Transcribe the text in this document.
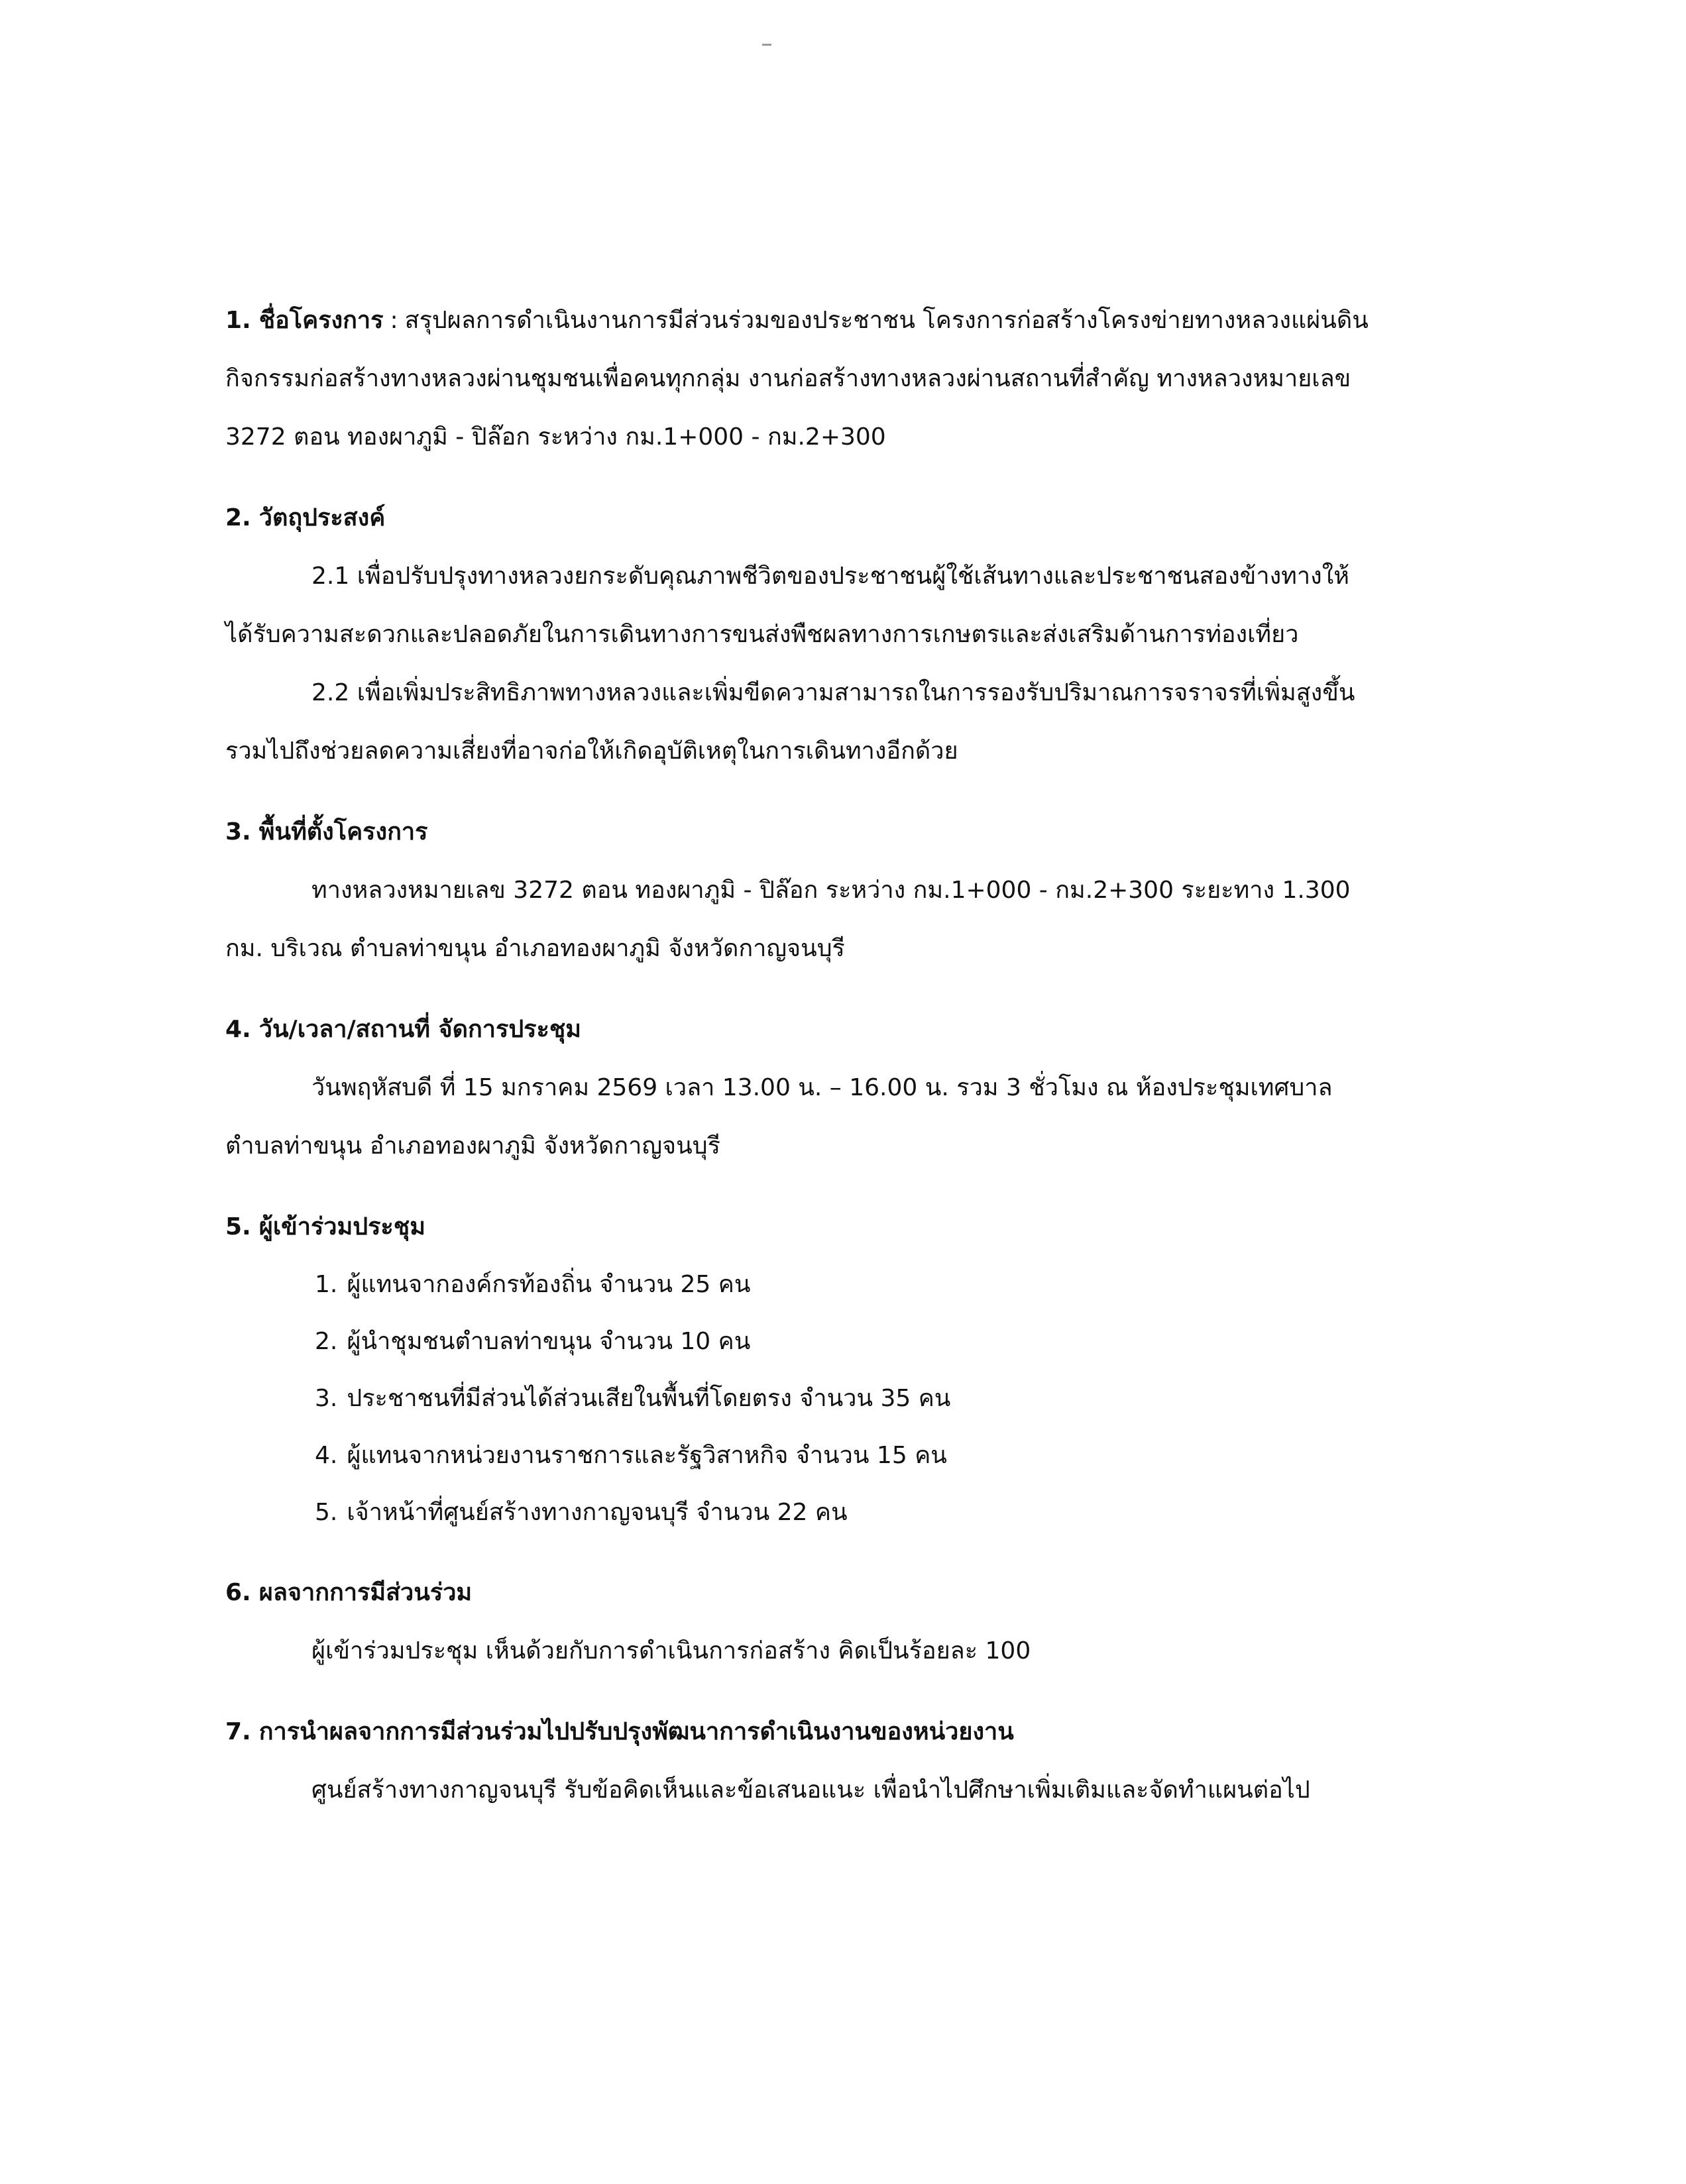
1. ชื่อโครงการ : สรุปผลการดำเนินงานการมีส่วนร่วมของประชาชน โครงการก่อสร้างโครงข่ายทางหลวงแผ่นดิน
กิจกรรมก่อสร้างทางหลวงผ่านชุมชนเพื่อคนทุกกลุ่ม งานก่อสร้างทางหลวงผ่านสถานที่สำคัญ ทางหลวงหมายเลข
3272 ตอน ทองผาภูมิ - ปิล๊อก ระหว่าง กม.1+000 - กม.2+300
2. วัตถุประสงค์
2.1 เพื่อปรับปรุงทางหลวงยกระดับคุณภาพชีวิตของประชาชนผู้ใช้เส้นทางและประชาชนสองข้างทางให้
ได้รับความสะดวกและปลอดภัยในการเดินทางการขนส่งพืชผลทางการเกษตรและส่งเสริมด้านการท่องเที่ยว
2.2 เพื่อเพิ่มประสิทธิภาพทางหลวงและเพิ่มขีดความสามารถในการรองรับปริมาณการจราจรที่เพิ่มสูงขึ้น
รวมไปถึงช่วยลดความเสี่ยงที่อาจก่อให้เกิดอุบัติเหตุในการเดินทางอีกด้วย
3. พื้นที่ตั้งโครงการ
ทางหลวงหมายเลข 3272 ตอน ทองผาภูมิ - ปิล๊อก ระหว่าง กม.1+000 - กม.2+300 ระยะทาง 1.300
กม. บริเวณ ตำบลท่าขนุน อำเภอทองผาภูมิ จังหวัดกาญจนบุรี
4. วัน/เวลา/สถานที่ จัดการประชุม
วันพฤหัสบดี ที่ 15 มกราคม 2569 เวลา 13.00 น. – 16.00 น. รวม 3 ชั่วโมง ณ ห้องประชุมเทศบาล
ตำบลท่าขนุน อำเภอทองผาภูมิ จังหวัดกาญจนบุรี
5. ผู้เข้าร่วมประชุม
1. ผู้แทนจากองค์กรท้องถิ่น จำนวน 25 คน
2. ผู้นำชุมชนตำบลท่าขนุน จำนวน 10 คน
3. ประชาชนที่มีส่วนได้ส่วนเสียในพื้นที่โดยตรง จำนวน 35 คน
4. ผู้แทนจากหน่วยงานราชการและรัฐวิสาหกิจ จำนวน 15 คน
5. เจ้าหน้าที่ศูนย์สร้างทางกาญจนบุรี จำนวน 22 คน
6. ผลจากการมีส่วนร่วม
ผู้เข้าร่วมประชุม เห็นด้วยกับการดำเนินการก่อสร้าง คิดเป็นร้อยละ 100
7. การนำผลจากการมีส่วนร่วมไปปรับปรุงพัฒนาการดำเนินงานของหน่วยงาน
ศูนย์สร้างทางกาญจนบุรี รับข้อคิดเห็นและข้อเสนอแนะ เพื่อนำไปศึกษาเพิ่มเติมและจัดทำแผนต่อไป
